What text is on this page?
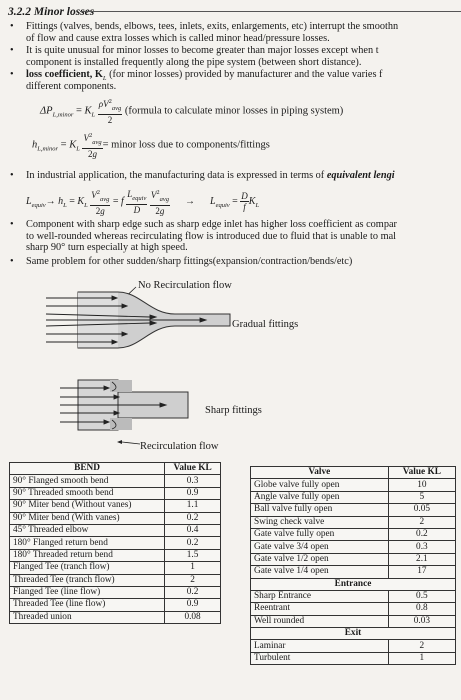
3.2.2 Minor losses
• Fittings (valves, bends, elbows, tees, inlets, exits, enlargements, etc) interrupt the smoothn
of flow and cause extra losses which is called minor head/pressure losses.
• It is quite unusual for minor losses to become greater than major losses except when t
component is installed frequently along the pipe system (between short distance).
• loss coefficient, $K_L$ (for minor losses) provided by manufacturer and the value varies f
different components.
$\Delta P_{L,minor} = K_L \frac{\rho V^2_{avg}}{2}$ (formula to calculate minor losses in piping system)
$h_{L,minor} = K_L \frac{V^2_{avg}}{2g}$ = minor loss due to components/fittings
• In industrial application, the manufacturing data is expressed in terms of equivalent lengi
$L_{equiv}\to h_L = K_L \frac{V^2_{avg}}{2g} = f \frac{L_{equiv}}{D}$
$\frac{V^2_{avg}}{2g}$ →      $L_{equiv} = \frac{D}{f} K_L$
• Component with sharp edge such as sharp edge inlet has higher loss coefficient as compar
to well-rounded whereas recirculating flow is introduced due to fluid that is unable to mal
sharp 90° turn especially at high speed.
• Same problem for other sudden/sharp fittings(expansion/contraction/bends/etc)
No Recirculation flow
Gradual fittings
Sharp fittings
Recirculation flow
BEND	Value KL
90° Flanged smooth bend	0.3
90° Threaded smooth bend	0.9
90° Miter bend (Without vanes)	1.1
90° Miter bend (With vanes)	0.2
45° Threaded elbow	0.4
180° Flanged return bend	0.2
180° Threaded return bend	1.5
Flanged Tee (tranch flow)	1
Threaded Tee (tranch flow)	2
Flanged Tee (line flow)	0.2
Threaded Tee (line flow)	0.9
Threaded union	0.08
Valve	Value KL
Globe valve fully open	10
Angle valve fully open	5
Ball valve fully open	0.05
Swing check valve	2
Gate valve fully open	0.2
Gate valve 3/4 open	0.3
Gate valve 1/2 open	2.1
Gate valve 1/4 open	17
Entrance	
Sharp Entrance	0.5
Reentrant	0.8
Well rounded	0.03
Exit	
Laminar	2
Turbulent	1
